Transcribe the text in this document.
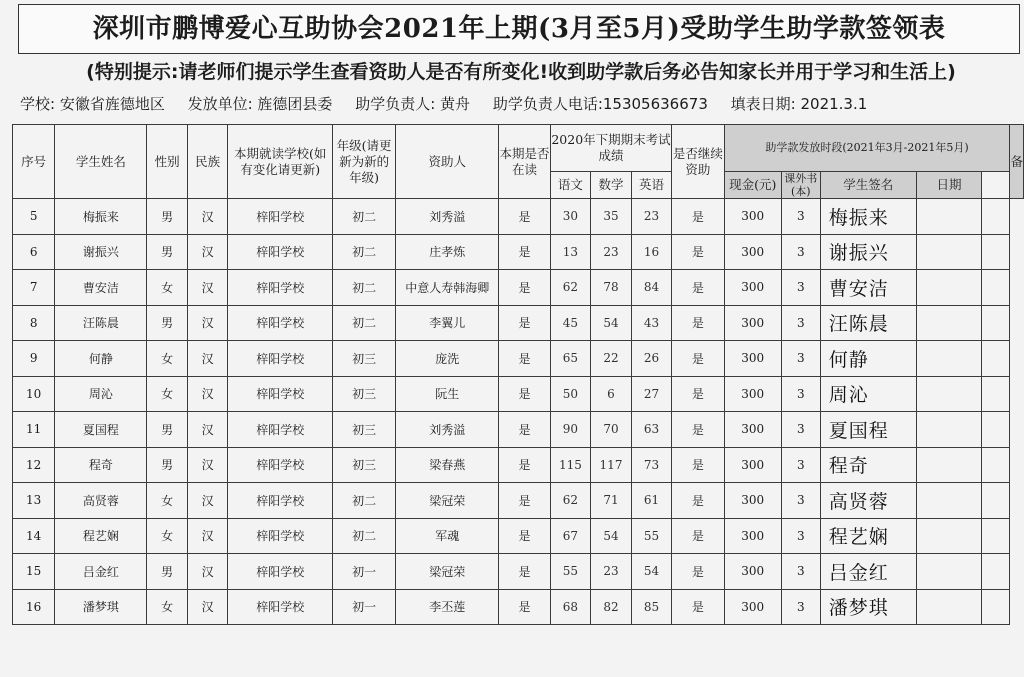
深圳市鹏博爱心互助协会2021年上期(3月至5月)受助学生助学款签领表
(特别提示:请老师们提示学生查看资助人是否有所变化!收到助学款后务必告知家长并用于学习和生活上)
学校: 安徽省旌德地区 发放单位: 旌德团县委 助学负责人: 黄舟 助学负责人电话:15305636673 填表日期: 2021.3.1
序号	学生姓名	性别	民族	本期就读学校(如有变化请更新)	年级(请更新为新的年级)	资助人	本期是否在读	2020年下期期末考试成绩			是否继续资助	助学款发放时段(2021年3月-2021年5月)					备
								语文	数学	英语		现金(元)	课外书(本)	学生签名	日期		
5	梅振来	男	汉	梓阳学校	初二	刘秀溢	是	30	35	23	是	300	3	梅振来			
6	谢振兴	男	汉	梓阳学校	初二	庄孝炼	是	13	23	16	是	300	3	谢振兴			
7	曹安洁	女	汉	梓阳学校	初二	中意人寿韩海卿	是	62	78	84	是	300	3	曹安洁			
8	汪陈晨	男	汉	梓阳学校	初二	李翼儿	是	45	54	43	是	300	3	汪陈晨			
9	何静	女	汉	梓阳学校	初三	庞洗	是	65	22	26	是	300	3	何静			
10	周沁	女	汉	梓阳学校	初三	阮生	是	50	6	27	是	300	3	周沁			
11	夏国程	男	汉	梓阳学校	初三	刘秀溢	是	90	70	63	是	300	3	夏国程			
12	程奇	男	汉	梓阳学校	初三	梁春燕	是	115	117	73	是	300	3	程奇			
13	高贤蓉	女	汉	梓阳学校	初二	梁冠荣	是	62	71	61	是	300	3	高贤蓉			
14	程艺娴	女	汉	梓阳学校	初二	军魂	是	67	54	55	是	300	3	程艺娴			
15	吕金红	男	汉	梓阳学校	初一	梁冠荣	是	55	23	54	是	300	3	吕金红			
16	潘梦琪	女	汉	梓阳学校	初一	李丕莲	是	68	82	85	是	300	3	潘梦琪			
